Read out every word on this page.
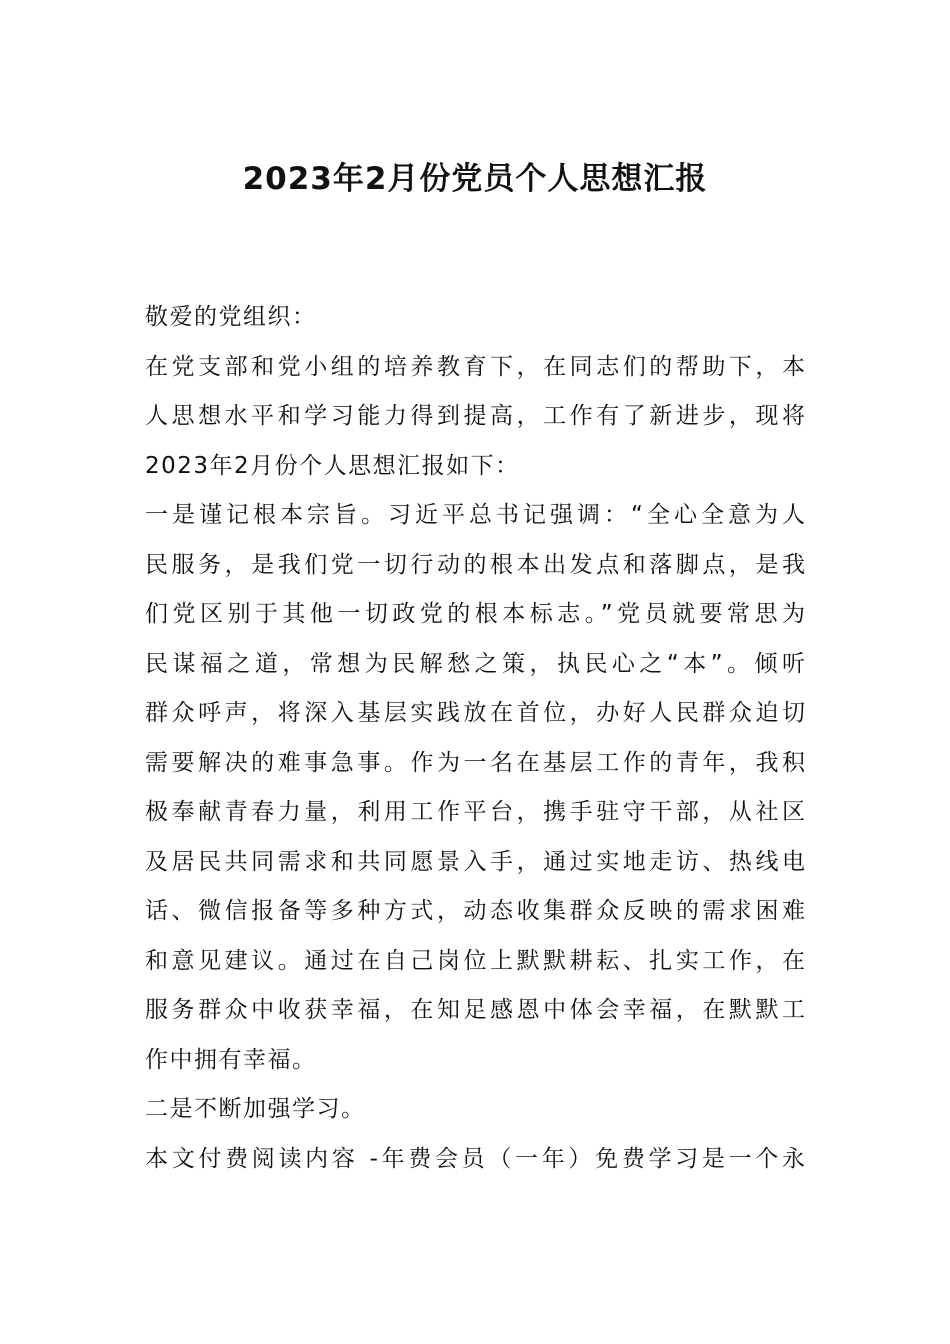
2023年2月份党员个人思想汇报
敬爱的党组织：
在党支部和党小组的培养教育下，在同志们的帮助下，本
人思想水平和学习能力得到提高，工作有了新进步，现将
2023年2月份个人思想汇报如下：
一是谨记根本宗旨。习近平总书记强调：“全心全意为人
民服务，是我们党一切行动的根本出发点和落脚点，是我
们党区别于其他一切政党的根本标志。”党员就要常思为
民谋福之道，常想为民解愁之策，执民心之“本”。倾听
群众呼声，将深入基层实践放在首位，办好人民群众迫切
需要解决的难事急事。作为一名在基层工作的青年，我积
极奉献青春力量，利用工作平台，携手驻守干部，从社区
及居民共同需求和共同愿景入手，通过实地走访、热线电
话、微信报备等多种方式，动态收集群众反映的需求困难
和意见建议。通过在自己岗位上默默耕耘、扎实工作，在
服务群众中收获幸福，在知足感恩中体会幸福，在默默工
作中拥有幸福。
二是不断加强学习。
本文付费阅读内容 -年费会员（一年）免费学习是一个永
